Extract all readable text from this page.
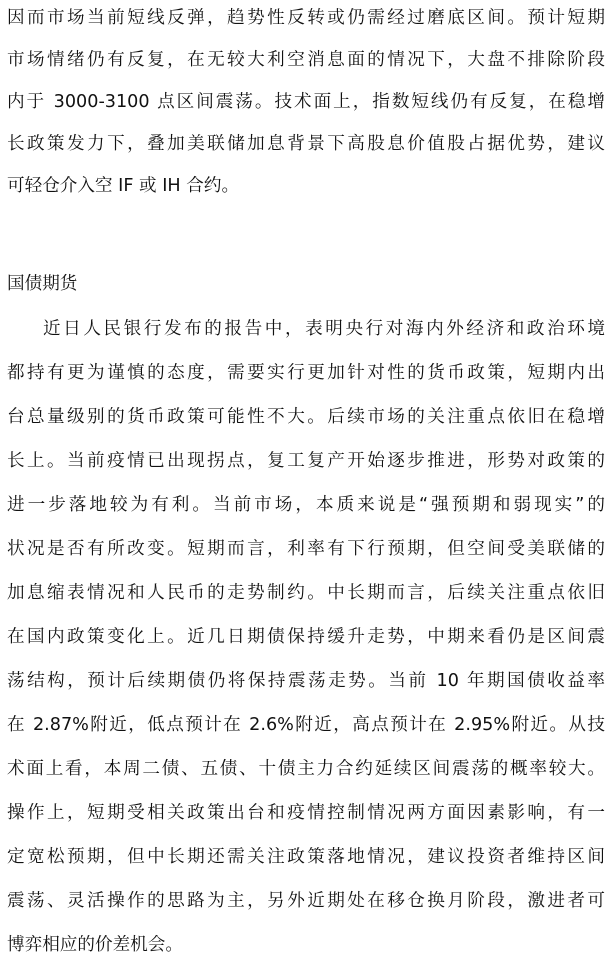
因而市场当前短线反弹，趋势性反转或仍需经过磨底区间。预计短期
市场情绪仍有反复，在无较大利空消息面的情况下，大盘不排除阶段
内于 3000-3100 点区间震荡。技术面上，指数短线仍有反复，在稳增
长政策发力下，叠加美联储加息背景下高股息价值股占据优势，建议
可轻仓介入空 IF 或 IH 合约。
国债期货
近日人民银行发布的报告中，表明央行对海内外经济和政治环境
都持有更为谨慎的态度，需要实行更加针对性的货币政策，短期内出
台总量级别的货币政策可能性不大。后续市场的关注重点依旧在稳增
长上。当前疫情已出现拐点，复工复产开始逐步推进，形势对政策的
进一步落地较为有利。当前市场，本质来说是“强预期和弱现实”的
状况是否有所改变。短期而言，利率有下行预期，但空间受美联储的
加息缩表情况和人民币的走势制约。中长期而言，后续关注重点依旧
在国内政策变化上。近几日期债保持缓升走势，中期来看仍是区间震
荡结构，预计后续期债仍将保持震荡走势。当前 10 年期国债收益率
在 2.87%附近，低点预计在 2.6%附近，高点预计在 2.95%附近。从技
术面上看，本周二债、五债、十债主力合约延续区间震荡的概率较大。
操作上，短期受相关政策出台和疫情控制情况两方面因素影响，有一
定宽松预期，但中长期还需关注政策落地情况，建议投资者维持区间
震荡、灵活操作的思路为主，另外近期处在移仓换月阶段，激进者可
博弈相应的价差机会。
